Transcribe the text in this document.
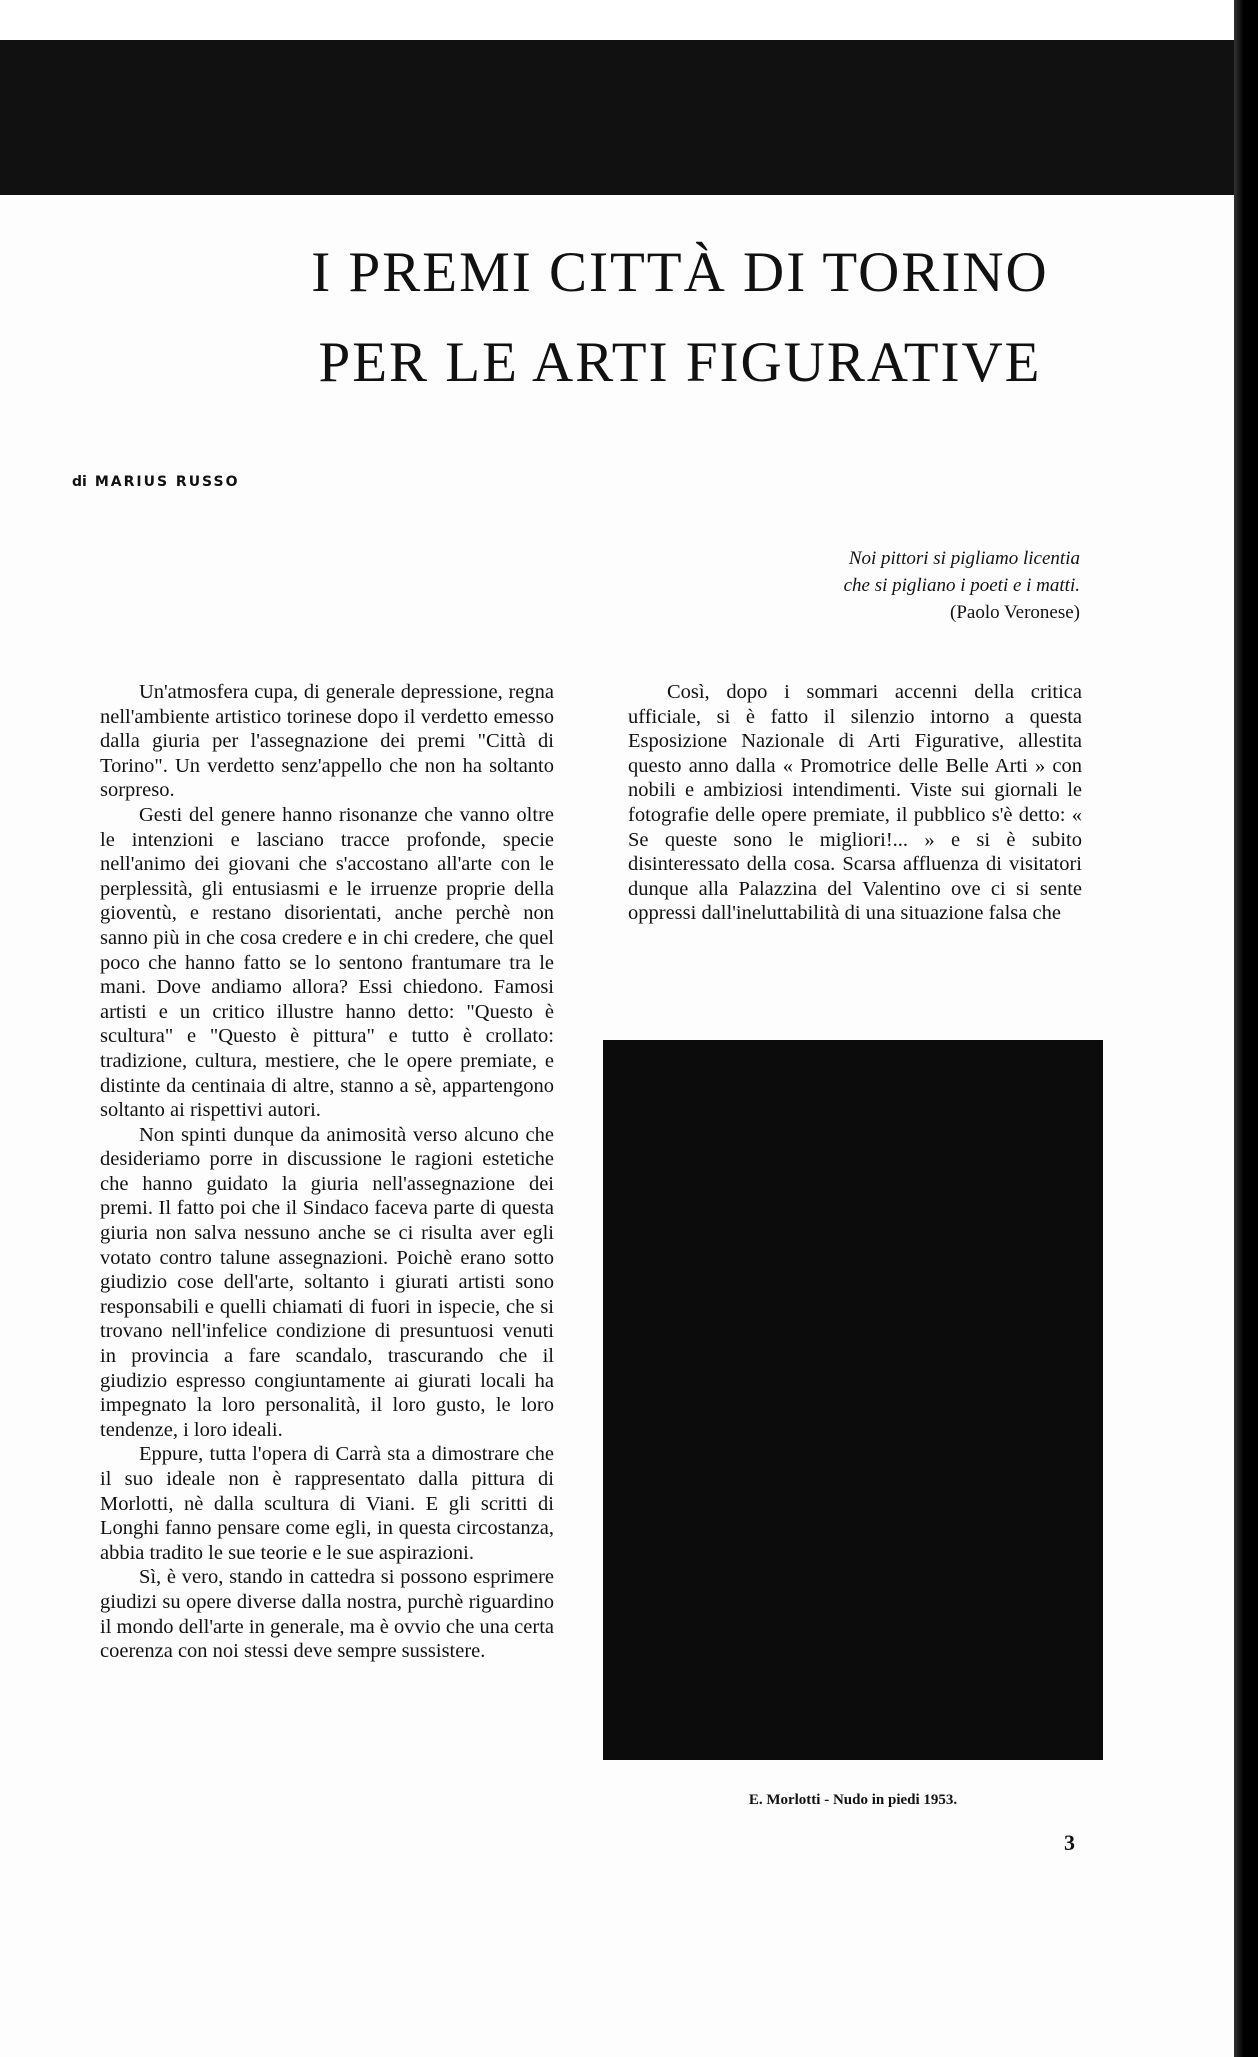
I PREMI CITTÀ DI TORINO
PER LE ARTI FIGURATIVE
di MARIUS RUSSO
Noi pittori si pigliamo licentia
che si pigliano i poeti e i matti.
(Paolo Veronese)

Un'atmosfera cupa, di generale depressione, regna nell'ambiente artistico torinese dopo il verdetto emesso dalla giuria per l'assegnazione dei premi "Città di Torino". Un verdetto senz'appello che non ha soltanto sorpreso.

Gesti del genere hanno risonanze che vanno oltre le intenzioni e lasciano tracce profonde, specie nell'animo dei giovani che s'accostano all'arte con le perplessità, gli entusiasmi e le irruenze proprie della gioventù, e restano disorientati, anche perchè non sanno più in che cosa credere e in chi credere, che quel poco che hanno fatto se lo sentono frantumare tra le mani. Dove andiamo allora? Essi chiedono. Famosi artisti e un critico illustre hanno detto: "Questo è scultura" e "Questo è pittura" e tutto è crollato: tradizione, cultura, mestiere, che le opere premiate, e distinte da centinaia di altre, stanno a sè, appartengono soltanto ai rispettivi autori.

Non spinti dunque da animosità verso alcuno che desideriamo porre in discussione le ragioni estetiche che hanno guidato la giuria nell'assegnazione dei premi. Il fatto poi che il Sindaco faceva parte di questa giuria non salva nessuno anche se ci risulta aver egli votato contro talune assegnazioni. Poichè erano sotto giudizio cose dell'arte, soltanto i giurati artisti sono responsabili e quelli chiamati di fuori in ispecie, che si trovano nell'infelice condizione di presuntuosi venuti in provincia a fare scandalo, trascurando che il giudizio espresso congiuntamente ai giurati locali ha impegnato la loro personalità, il loro gusto, le loro tendenze, i loro ideali.

Eppure, tutta l'opera di Carrà sta a dimostrare che il suo ideale non è rappresentato dalla pittura di Morlotti, nè dalla scultura di Viani. E gli scritti di Longhi fanno pensare come egli, in questa circostanza, abbia tradito le sue teorie e le sue aspirazioni.

Sì, è vero, stando in cattedra si possono esprimere giudizi su opere diverse dalla nostra, purchè riguardino il mondo dell'arte in generale, ma è ovvio che una certa coerenza con noi stessi deve sempre sussistere.

Così, dopo i sommari accenni della critica ufficiale, si è fatto il silenzio intorno a questa Esposizione Nazionale di Arti Figurative, allestita questo anno dalla « Promotrice delle Belle Arti » con nobili e ambiziosi intendimenti. Viste sui giornali le fotografie delle opere premiate, il pubblico s'è detto: « Se queste sono le migliori!... » e si è subito disinteressato della cosa. Scarsa affluenza di visitatori dunque alla Palazzina del Valentino ove ci si sente oppressi dall'ineluttabilità di una situazione falsa che

E. Morlotti - Nudo in piedi 1953.
3
